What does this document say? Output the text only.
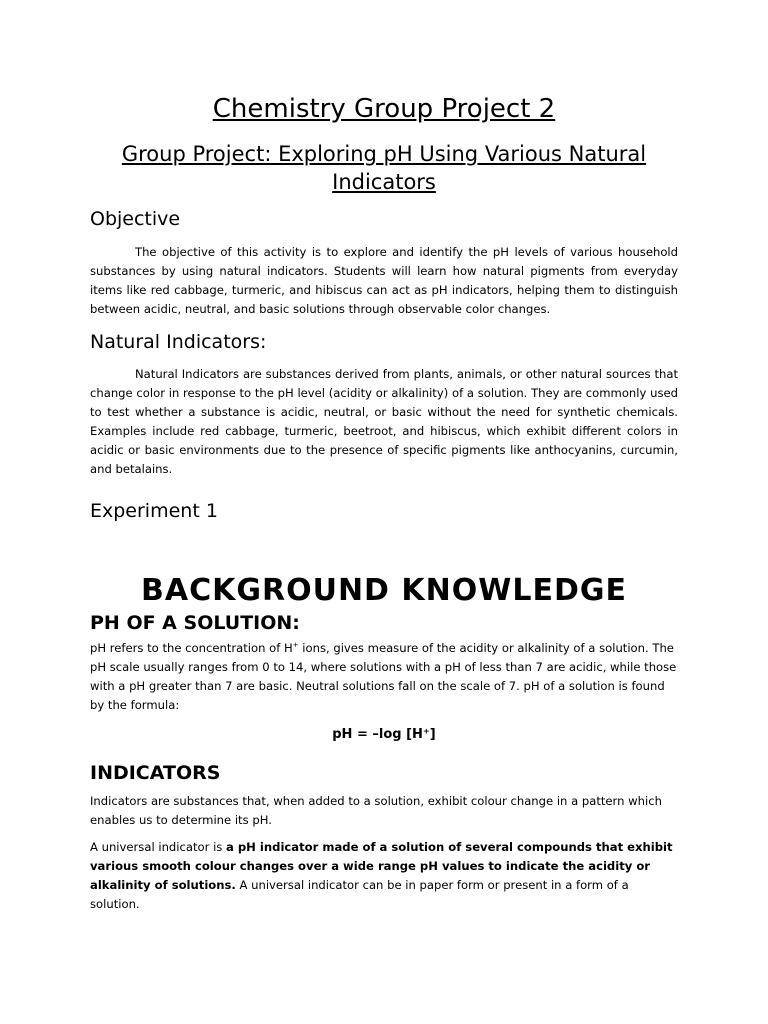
Chemistry Group Project 2
Group Project: Exploring pH Using Various Natural Indicators
Objective

The objective of this activity is to explore and identify the pH levels of various household substances by using natural indicators. Students will learn how natural pigments from everyday items like red cabbage, turmeric, and hibiscus can act as pH indicators, helping them to distinguish between acidic, neutral, and basic solutions through observable color changes.

Natural Indicators:

Natural Indicators are substances derived from plants, animals, or other natural sources that change color in response to the pH level (acidity or alkalinity) of a solution. They are commonly used to test whether a substance is acidic, neutral, or basic without the need for synthetic chemicals. Examples include red cabbage, turmeric, beetroot, and hibiscus, which exhibit different colors in acidic or basic environments due to the presence of specific pigments like anthocyanins, curcumin, and betalains.

Experiment 1
BACKGROUND KNOWLEDGE
PH OF A SOLUTION:

pH refers to the concentration of H+ ions, gives measure of the acidity or alkalinity of a solution. The pH scale usually ranges from 0 to 14, where solutions with a pH of less than 7 are acidic, while those with a pH greater than 7 are basic. Neutral solutions fall on the scale of 7. pH of a solution is found by the formula:

pH = –log [H⁺]

INDICATORS

Indicators are substances that, when added to a solution, exhibit colour change in a pattern which enables us to determine its pH.

A universal indicator is a pH indicator made of a solution of several compounds that exhibit various smooth colour changes over a wide range pH values to indicate the acidity or alkalinity of solutions. A universal indicator can be in paper form or present in a form of a solution.
